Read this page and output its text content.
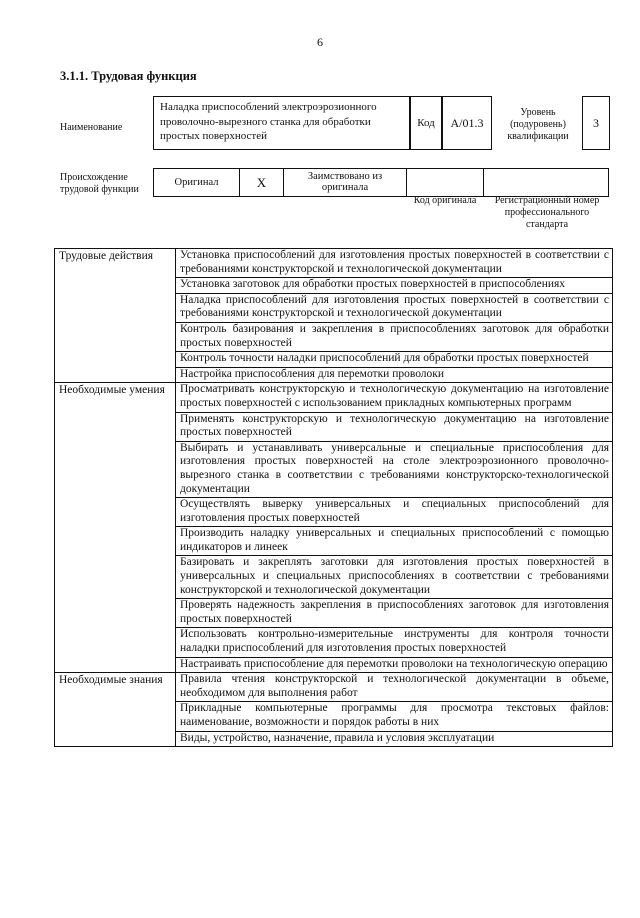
6
3.1.1. Трудовая функция
Наименование
Наладка приспособлений электроэрозионного проволочно-вырезного станка для обработки простых поверхностей
Код А/01.3
Уровень (подуровень) квалификации
3
Происхождение трудовой функции
Оригинал	X	Заимствовано из оригинала
Код оригинала	Регистрационный номер профессионального стандарта
Трудовые действия	Установка приспособлений для изготовления простых поверхностей в соответствии с требованиями конструкторской и технологической документации
	Установка заготовок для обработки простых поверхностей в приспособлениях
	Наладка приспособлений для изготовления простых поверхностей в соответствии с требованиями конструкторской и технологической документации
	Контроль базирования и закрепления в приспособлениях заготовок для обработки простых поверхностей
	Контроль точности наладки приспособлений для обработки простых поверхностей
	Настройка приспособления для перемотки проволоки
Необходимые умения	Просматривать конструкторскую и технологическую документацию на изготовление простых поверхностей с использованием прикладных компьютерных программ
	Применять конструкторскую и технологическую документацию на изготовление простых поверхностей
	Выбирать и устанавливать универсальные и специальные приспособления для изготовления простых поверхностей на столе электроэрозионного проволочно-вырезного станка в соответствии с требованиями конструкторско-технологической документации
	Осуществлять выверку универсальных и специальных приспособлений для изготовления простых поверхностей
	Производить наладку универсальных и специальных приспособлений с помощью индикаторов и линеек
	Базировать и закреплять заготовки для изготовления простых поверхностей в универсальных и специальных приспособлениях в соответствии с требованиями конструкторской и технологической документации
	Проверять надежность закрепления в приспособлениях заготовок для изготовления простых поверхностей
	Использовать контрольно-измерительные инструменты для контроля точности наладки приспособлений для изготовления простых поверхностей
	Настраивать приспособление для перемотки проволоки на технологическую операцию
Необходимые знания	Правила чтения конструкторской и технологической документации в объеме, необходимом для выполнения работ
	Прикладные компьютерные программы для просмотра текстовых файлов: наименование, возможности и порядок работы в них
	Виды, устройство, назначение, правила и условия эксплуатации
